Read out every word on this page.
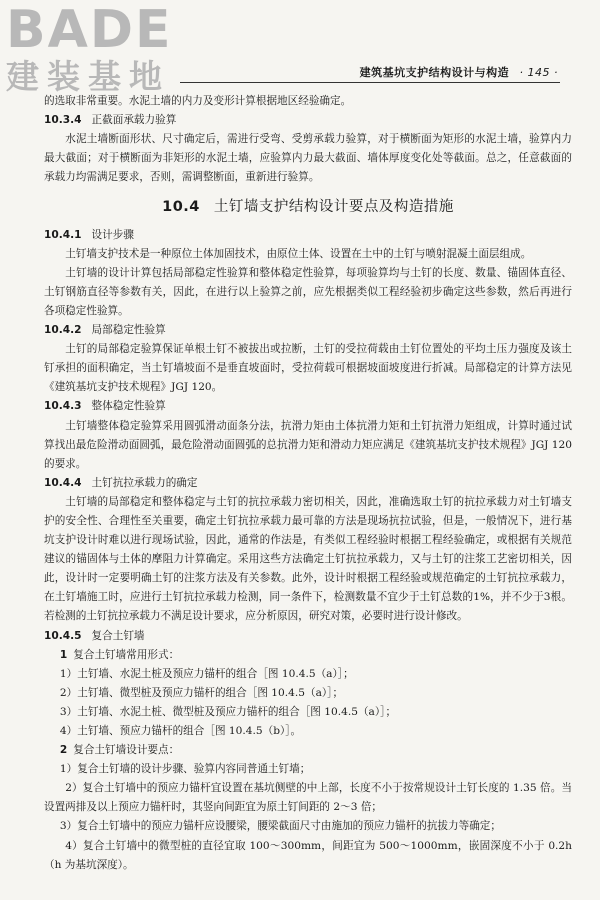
BADE
建装基地	建筑基坑支护结构设计与构造 · 145 ·

的选取非常重要。水泥土墙的内力及变形计算根据地区经验确定。

10.3.4 正截面承载力验算

水泥土墙断面形状、尺寸确定后，需进行受弯、受剪承载力验算，对于横断面为矩形的水泥土墙，验算内力最大截面；对于横断面为非矩形的水泥土墙，应验算内力最大截面、墙体厚度变化处等截面。总之，任意截面的承载力均需满足要求，否则，需调整断面，重新进行验算。

10.4 土钉墙支护结构设计要点及构造措施

10.4.1 设计步骤

土钉墙支护技术是一种原位土体加固技术，由原位土体、设置在土中的土钉与喷射混凝土面层组成。

土钉墙的设计计算包括局部稳定性验算和整体稳定性验算，每项验算均与土钉的长度、数量、锚固体直径、土钉钢筋直径等参数有关，因此，在进行以上验算之前，应先根据类似工程经验初步确定这些参数，然后再进行各项稳定性验算。

10.4.2 局部稳定性验算

土钉的局部稳定验算保证单根土钉不被拔出或拉断，土钉的受拉荷载由土钉位置处的平均土压力强度及该土钉承担的面积确定，当土钉墙坡面不是垂直坡面时，受拉荷载可根据坡面坡度进行折减。局部稳定的计算方法见《建筑基坑支护技术规程》JGJ 120。

10.4.3 整体稳定性验算

土钉墙整体稳定验算采用圆弧滑动面条分法，抗滑力矩由土体抗滑力矩和土钉抗滑力矩组成，计算时通过试算找出最危险滑动面圆弧，最危险滑动面圆弧的总抗滑力矩和滑动力矩应满足《建筑基坑支护技术规程》JGJ 120的要求。

10.4.4 土钉抗拉承载力的确定

土钉墙的局部稳定和整体稳定与土钉的抗拉承载力密切相关，因此，准确选取土钉的抗拉承载力对土钉墙支护的安全性、合理性至关重要，确定土钉抗拉承载力最可靠的方法是现场抗拉试验，但是，一般情况下，进行基坑支护设计时难以进行现场试验，因此，通常的作法是，有类似工程经验时根据工程经验确定，或根据有关规范建议的锚固体与土体的摩阻力计算确定。采用这些方法确定土钉抗拉承载力，又与土钉的注浆工艺密切相关，因此，设计时一定要明确土钉的注浆方法及有关参数。此外，设计时根据工程经验或规范确定的土钉抗拉承载力，在土钉墙施工时，应进行土钉抗拉承载力检测，同一条件下，检测数量不宜少于土钉总数的1%，并不少于3根。若检测的土钉抗拉承载力不满足设计要求，应分析原因，研究对策，必要时进行设计修改。

10.4.5 复合土钉墙

1 复合土钉墙常用形式：

1）土钉墙、水泥土桩及预应力锚杆的组合［图 10.4.5（a）］；

2）土钉墙、微型桩及预应力锚杆的组合［图 10.4.5（a）］；

3）土钉墙、水泥土桩、微型桩及预应力锚杆的组合［图 10.4.5（a）］；

4）土钉墙、预应力锚杆的组合［图 10.4.5（b）］。

2 复合土钉墙设计要点：

1）复合土钉墙的设计步骤、验算内容同普通土钉墙；

2）复合土钉墙中的预应力锚杆宜设置在基坑侧壁的中上部，长度不小于按常规设计土钉长度的 1.35 倍。当设置两排及以上预应力锚杆时，其竖向间距宜为原土钉间距的 2～3 倍；

3）复合土钉墙中的预应力锚杆应设腰梁，腰梁截面尺寸由施加的预应力锚杆的抗拔力等确定；

4）复合土钉墙中的微型桩的直径宜取 100～300mm，间距宜为 500～1000mm，嵌固深度不小于 0.2h（h 为基坑深度）。
